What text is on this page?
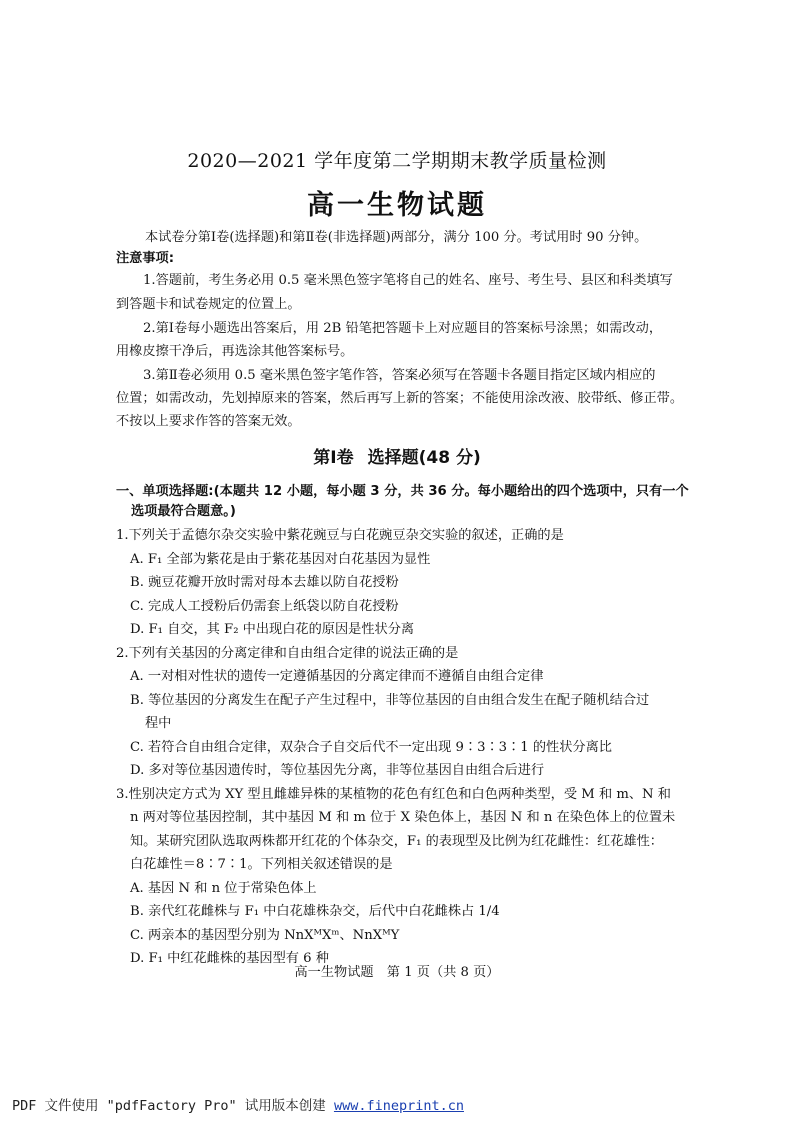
2020—2021 学年度第二学期期末教学质量检测
高一生物试题
本试卷分第Ⅰ卷(选择题)和第Ⅱ卷(非选择题)两部分，满分 100 分。考试用时 90 分钟。
注意事项:
1.答题前，考生务必用 0.5 毫米黑色签字笔将自己的姓名、座号、考生号、县区和科类填写
到答题卡和试卷规定的位置上。
2.第Ⅰ卷每小题选出答案后，用 2B 铅笔把答题卡上对应题目的答案标号涂黑；如需改动，
用橡皮擦干净后，再选涂其他答案标号。
3.第Ⅱ卷必须用 0.5 毫米黑色签字笔作答，答案必须写在答题卡各题目指定区域内相应的
位置；如需改动，先划掉原来的答案，然后再写上新的答案；不能使用涂改液、胶带纸、修正带。
不按以上要求作答的答案无效。
第Ⅰ卷 选择题(48 分)
一、单项选择题:(本题共 12 小题，每小题 3 分，共 36 分。每小题给出的四个选项中，只有一个
选项最符合题意。)
1.下列关于孟德尔杂交实验中紫花豌豆与白花豌豆杂交实验的叙述，正确的是
A. F₁ 全部为紫花是由于紫花基因对白花基因为显性
B. 豌豆花瓣开放时需对母本去雄以防自花授粉
C. 完成人工授粉后仍需套上纸袋以防自花授粉
D. F₁ 自交，其 F₂ 中出现白花的原因是性状分离
2.下列有关基因的分离定律和自由组合定律的说法正确的是
A. 一对相对性状的遗传一定遵循基因的分离定律而不遵循自由组合定律
B. 等位基因的分离发生在配子产生过程中，非等位基因的自由组合发生在配子随机结合过
程中
C. 若符合自由组合定律，双杂合子自交后代不一定出现 9∶3∶3∶1 的性状分离比
D. 多对等位基因遗传时，等位基因先分离，非等位基因自由组合后进行
3.性别决定方式为 XY 型且雌雄异株的某植物的花色有红色和白色两种类型，受 M 和 m、N 和
n 两对等位基因控制，其中基因 M 和 m 位于 X 染色体上，基因 N 和 n 在染色体上的位置未
知。某研究团队选取两株都开红花的个体杂交，F₁ 的表现型及比例为红花雌性：红花雄性：
白花雄性＝8∶7∶1。下列相关叙述错误的是
A. 基因 N 和 n 位于常染色体上
B. 亲代红花雌株与 F₁ 中白花雄株杂交，后代中白花雌株占 1/4
C. 两亲本的基因型分别为 NnXᴹXᵐ、NnXᴹY
D. F₁ 中红花雌株的基因型有 6 种
高一生物试题　第 1 页（共 8 页）
PDF 文件使用 "pdfFactory Pro" 试用版本创建 www.fineprint.cn
